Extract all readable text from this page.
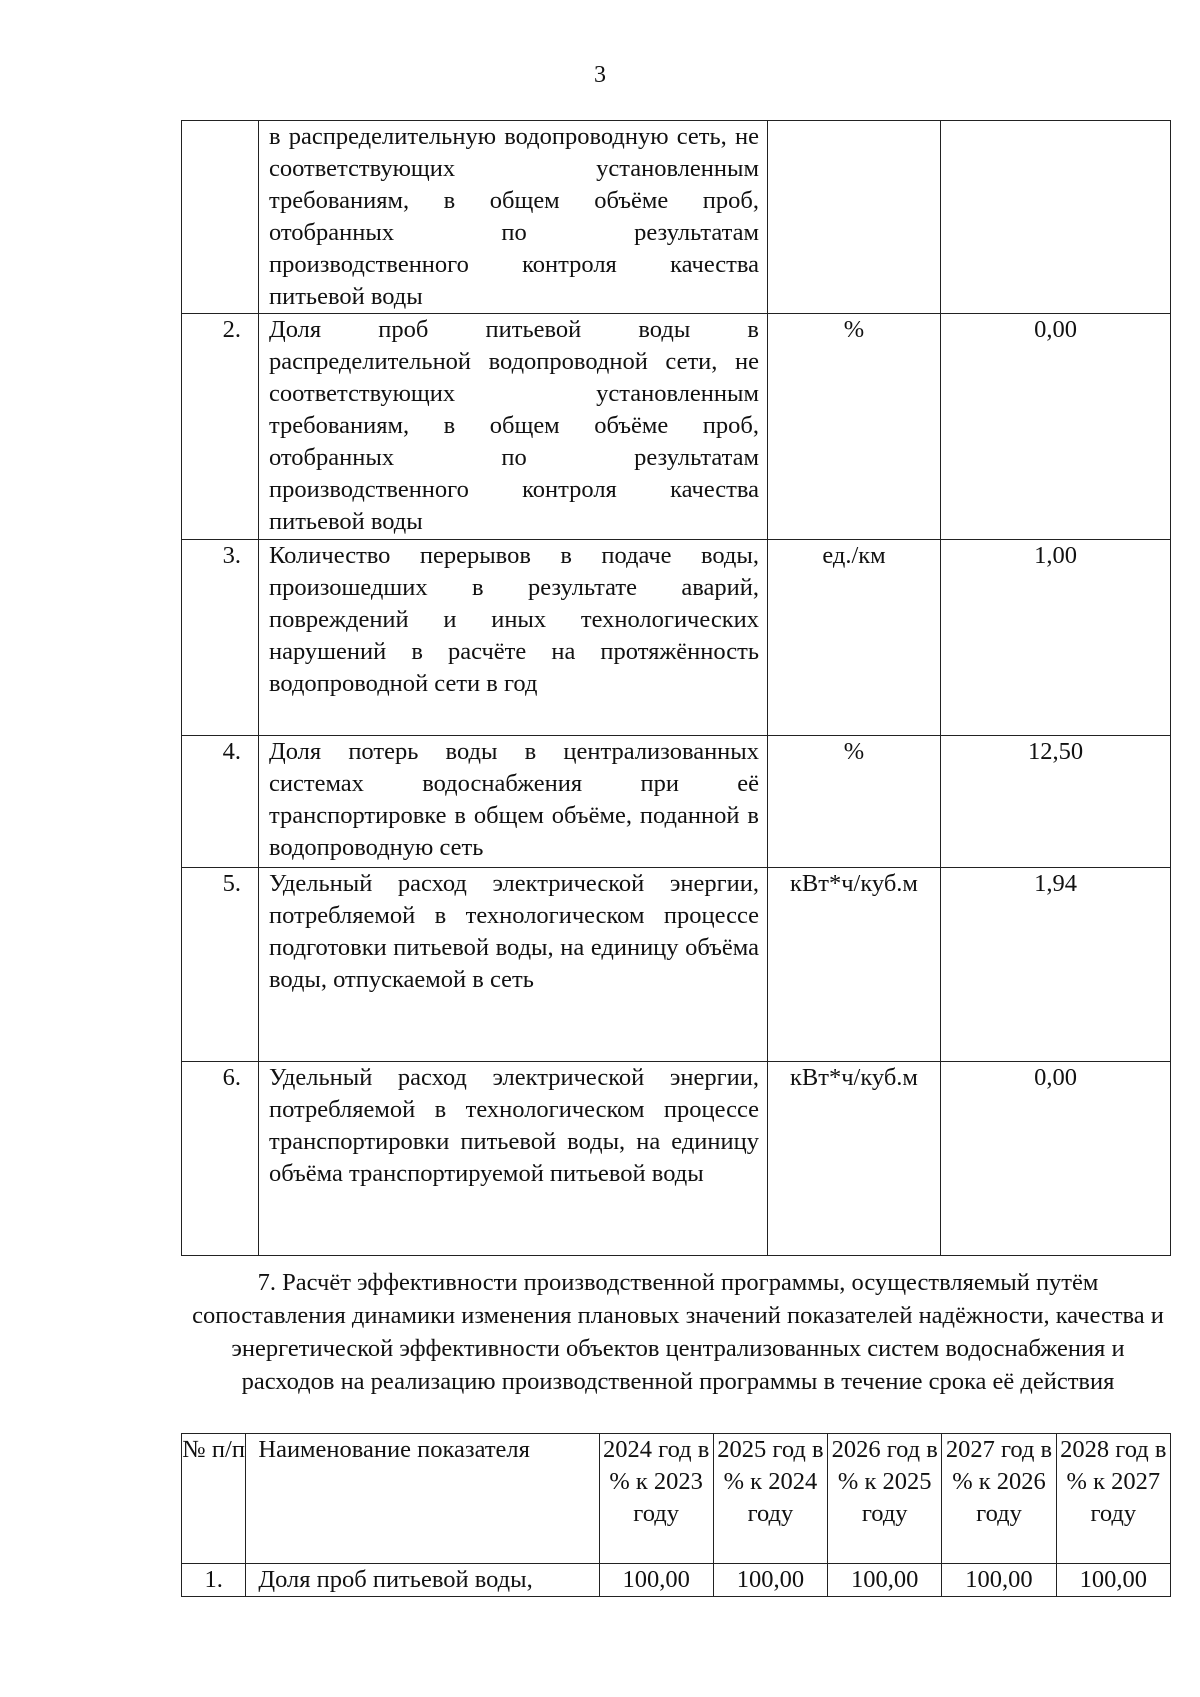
3
	в распределительную водопроводную сеть, не соответствующих установленным требованиям, в общем объёме проб, отобранных по результатам производственного контроля качества питьевой воды		
2.	Доля проб питьевой воды в распределительной водопроводной сети, не соответствующих установленным требованиям, в общем объёме проб, отобранных по результатам производственного контроля качества питьевой воды	%	0,00
3.	Количество перерывов в подаче воды, произошедших в результате аварий, повреждений и иных технологических нарушений в расчёте на протяжённость водопроводной сети в год	ед./км	1,00
4.	Доля потерь воды в централизованных системах водоснабжения при её транспортировке в общем объёме, поданной в водопроводную сеть	%	12,50
5.	Удельный расход электрической энергии, потребляемой в технологическом процессе подготовки питьевой воды, на единицу объёма воды, отпускаемой в сеть	кВт*ч/куб.м	1,94
6.	Удельный расход электрической энергии, потребляемой в технологическом процессе транспортировки питьевой воды, на единицу объёма транспортируемой питьевой воды	кВт*ч/куб.м	0,00
7. Расчёт эффективности производственной программы, осуществляемый путём сопоставления динамики изменения плановых значений показателей надёжности, качества и энергетической эффективности объектов централизованных систем водоснабжения и расходов на реализацию производственной программы в течение срока её действия
№ п/п	Наименование показателя	2024 год в % к 2023 году	2025 год в % к 2024 году	2026 год в % к 2025 году	2027 год в % к 2026 году	2028 год в % к 2027 году
1.	Доля проб питьевой воды,	100,00	100,00	100,00	100,00	100,00
